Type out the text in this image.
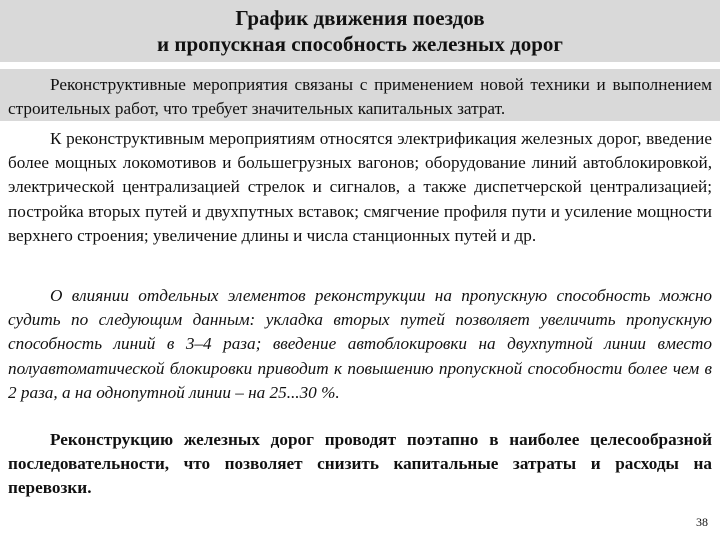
График движения поездов
и пропускная способность железных дорог

Реконструктивные мероприятия связаны с применением новой техники и выполнением строительных работ, что требует значительных капитальных затрат.

К реконструктивным мероприятиям относятся электрификация железных дорог, введение более мощных локомотивов и большегрузных вагонов; оборудование линий автоблокировкой, электрической централизацией стрелок и сигналов, а также диспетчерской централизацией; постройка вторых путей и двухпутных вставок; смягчение профиля пути и усиление мощности верхнего строения; увеличение длины и числа станционных путей и др.

О влиянии отдельных элементов реконструкции на пропускную способность можно судить по следующим данным: укладка вторых путей позволяет увеличить пропускную способность линий в 3–4 раза; введение автоблокировки на двухпутной линии вместо полуавтоматической блокировки приводит к повышению пропускной способности более чем в 2 раза, а на однопутной линии – на 25...30 %.

Реконструкцию железных дорог проводят поэтапно в наиболее целесообразной последовательности, что позволяет снизить капитальные затраты и расходы на перевозки.

38
